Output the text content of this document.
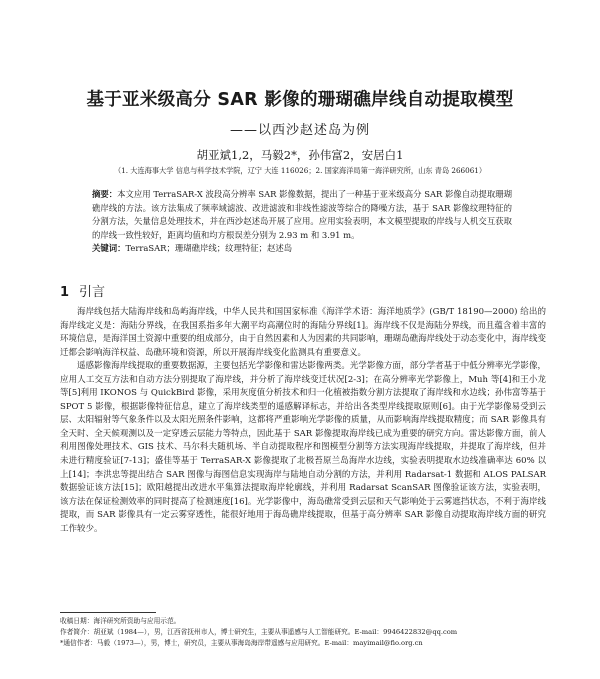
基于亚米级高分 SAR 影像的珊瑚礁岸线自动提取模型
——以西沙赵述岛为例
胡亚斌1,2，马毅2*，孙伟富2，安居白1
（1. 大连海事大学 信息与科学技术学院，辽宁 大连 116026；2. 国家海洋局第一海洋研究所，山东 青岛 266061）
摘要：本文应用 TerraSAR-X 波段高分辨率 SAR 影像数据，提出了一种基于亚米级高分 SAR 影像自动提取珊瑚礁岸线的方法。该方法集成了频率域滤波、改进滤波和非线性滤波等综合的降噪方法，基于 SAR 影像纹理特征的分割方法，矢量信息处理技术，并在西沙赵述岛开展了应用。应用实验表明，本文模型提取的岸线与人机交互获取的岸线一致性较好，距离均值和均方根误差分别为 2.93 m 和 3.91 m。
关键词：TerraSAR；珊瑚礁岸线；纹理特征；赵述岛
1 引言

海岸线包括大陆海岸线和岛屿海岸线，中华人民共和国国家标准《海洋学术语：海洋地质学》(GB/T 18190—2000) 给出的海岸线定义是：海陆分界线，在我国系指多年大潮平均高潮位时的海陆分界线[1]。海岸线不仅是海陆分界线，而且蕴含着丰富的环境信息，是海洋国土资源中重要的组成部分，由于自然因素和人为因素的共同影响，珊瑚岛礁海岸线处于动态变化中，海岸线变迁都会影响海洋权益、岛礁环境和资源，所以开展海岸线变化监测具有重要意义。

遥感影像海岸线提取的重要数据源，主要包括光学影像和雷达影像两类。光学影像方面，部分学者基于中低分辨率光学影像，应用人工交互方法和自动方法分别提取了海岸线，并分析了海岸线变迁状况[2-3]；在高分辨率光学影像上，Muh 等[4]和王小龙等[5]利用 IKONOS 与 QuickBird 影像，采用灰度值分析技术和归一化植被指数分割方法提取了海岸线和水边线；孙伟富等基于 SPOT 5 影像，根据影像特征信息，建立了海岸线类型的遥感解译标志，并给出各类型岸线提取原则[6]。由于光学影像易受到云层、太阳辐射等气象条件以及太阳光照条件影响，这都将严重影响光学影像的质量，从而影响海岸线提取精度；而 SAR 影像具有全天时、全天候观测以及一定穿透云层能力等特点，因此基于 SAR 影像提取海岸线已成为重要的研究方向。雷达影像方面，前人利用图像处理技术、GIS 技术、马尔科夫随机场、半自动提取程序和图模型分割等方法实现海岸线提取，并提取了海岸线，但并未进行精度验证[7-13]；盛佳等基于 TerraSAR-X 影像提取了北极苔原兰岛海岸水边线，实验表明提取水边线准确率达 60% 以上[14]；李洪忠等提出结合 SAR 图像与海图信息实现海岸与陆地自动分割的方法，并利用 Radarsat-1 数据和 ALOS PALSAR 数据验证该方法[15]；欧阳越提出改进水平集算法提取海岸轮廓线，并利用 Radarsat ScanSAR 图像验证该方法，实验表明，该方法在保证检测效率的同时提高了检测速度[16]。光学影像中，海岛礁常受到云层和天气影响处于云雾遮挡状态，不利于海岸线提取，而 SAR 影像具有一定云雾穿透性，能很好地用于海岛礁岸线提取，但基于高分辨率 SAR 影像自动提取海岸线方面的研究工作较少。

收稿日期：海洋研究所资助与应用示范。
作者简介：胡亚斌（1984—），男，江西省抚州市人，博士研究生，主要从事遥感与人工智能研究。E-mail：9946422832@qq.com
*通信作者：马毅（1973—），男，博士，研究员，主要从事海岛海岸带遥感与应用研究。E-mail：mayimail@fio.org.cn
